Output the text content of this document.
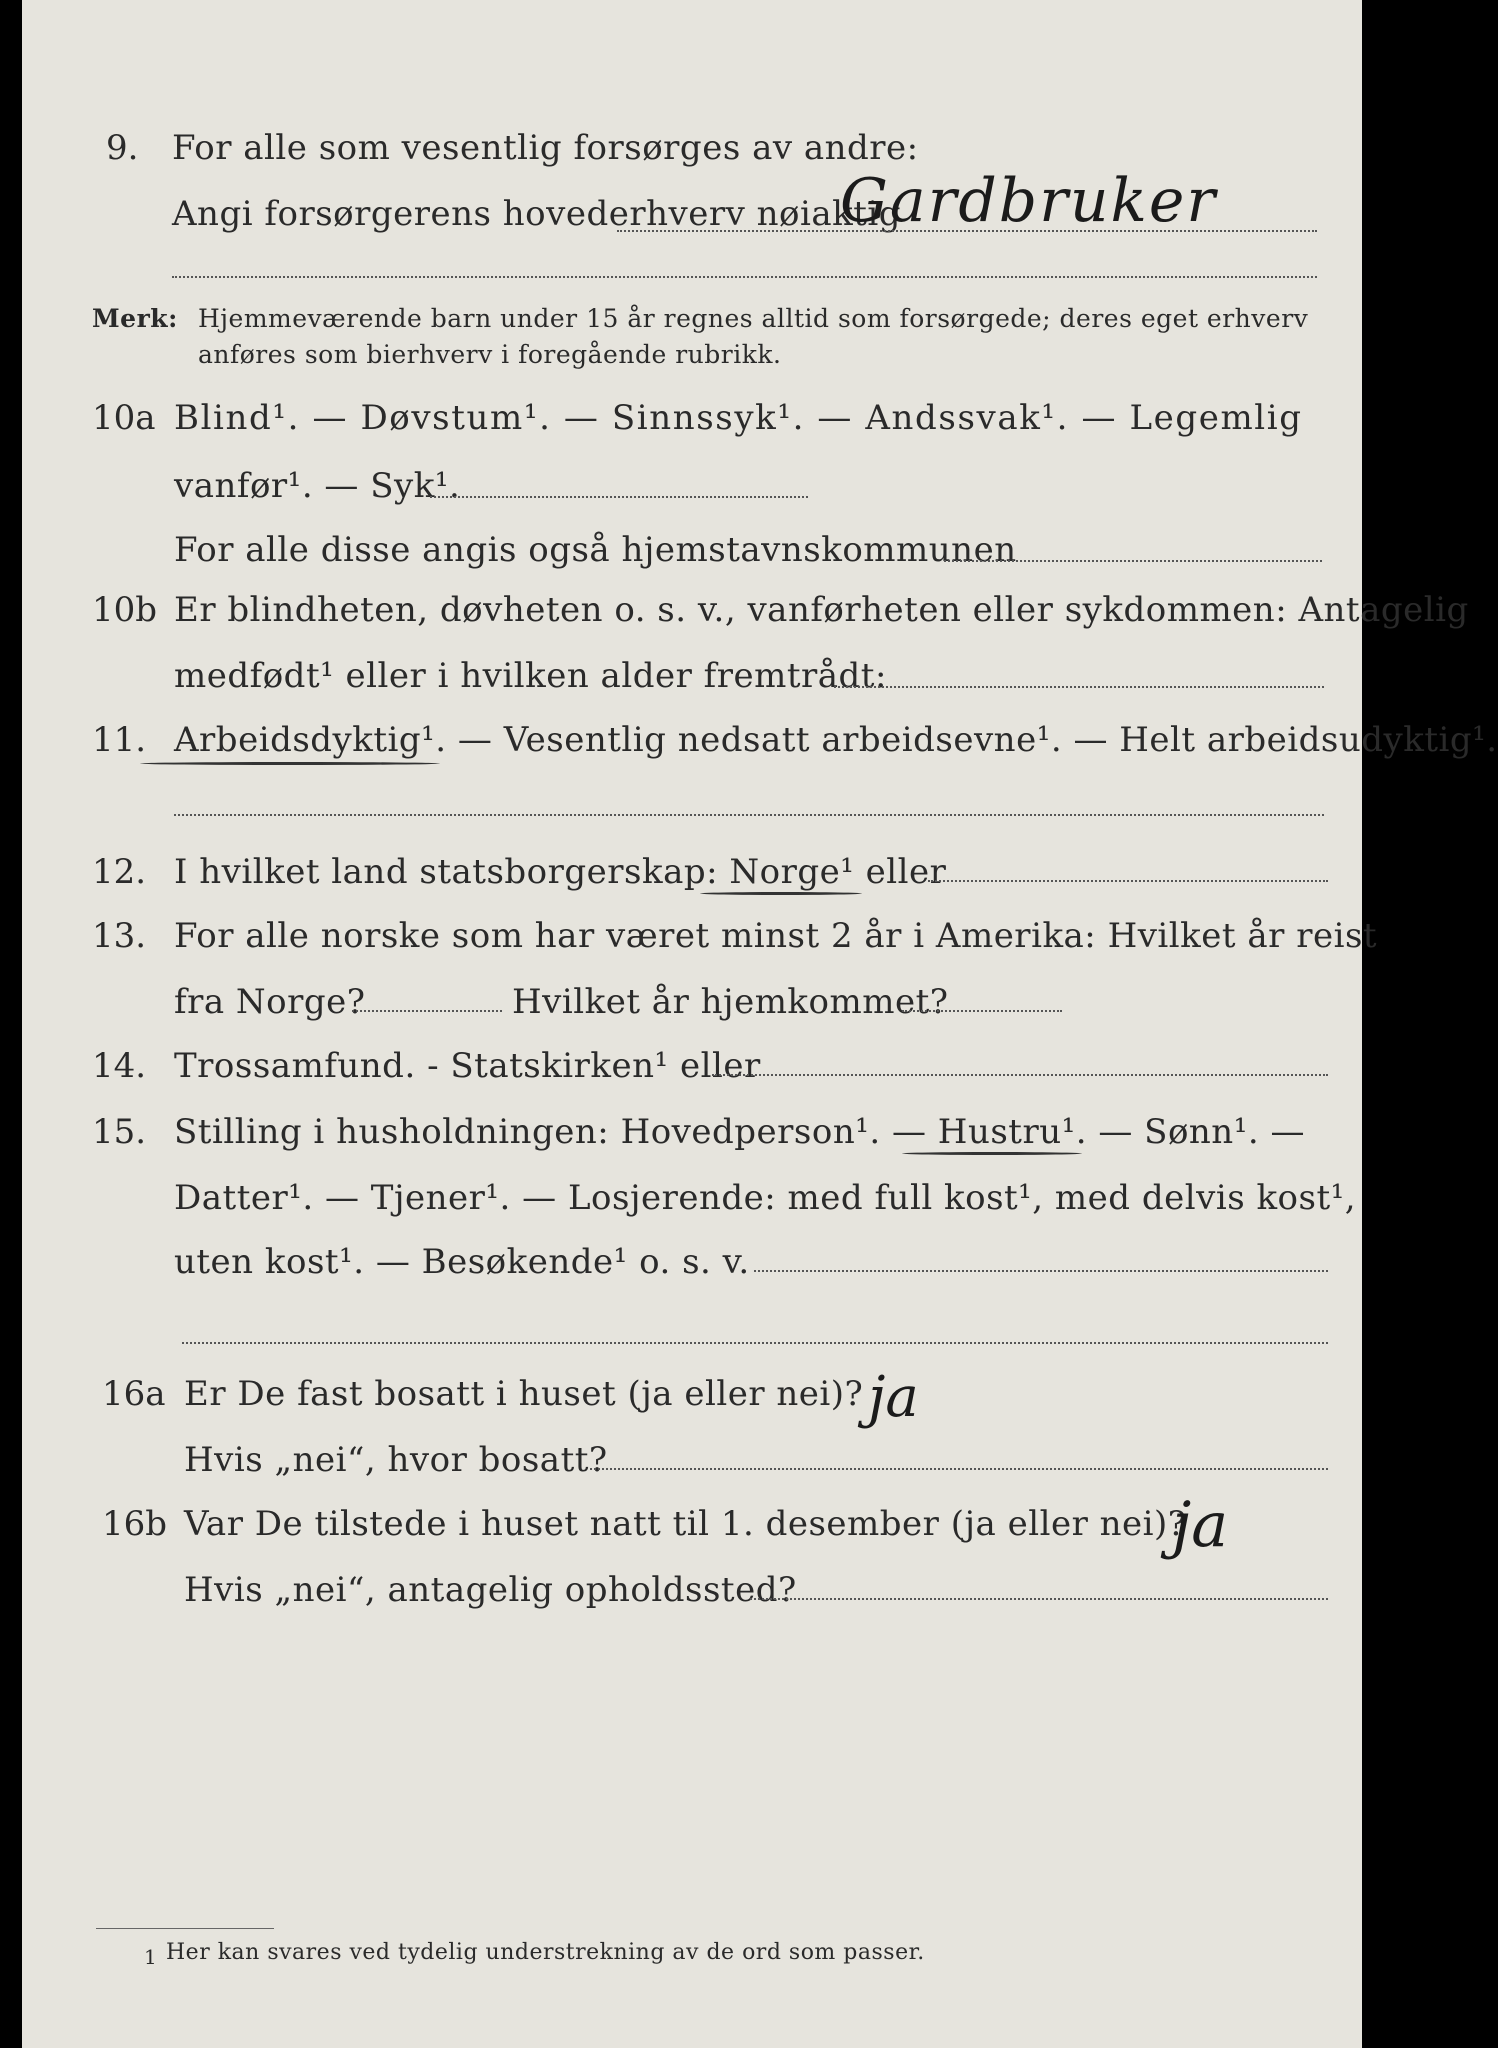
9. For alle som vesentlig forsørges av andre:
Angi forsørgerens hovederhverv nøiaktig
Gardbruker
Merk: Hjemmeværende barn under 15 år regnes alltid som forsørgede; deres eget erhverv
anføres som bierhverv i foregående rubrikk.
10a Blind¹. — Døvstum¹. — Sinnssyk¹. — Andssvak¹. — Legemlig
vanfør¹. — Syk¹.
For alle disse angis også hjemstavnskommunen
10b Er blindheten, døvheten o. s. v., vanførheten eller sykdommen: Antagelig
medfødt¹ eller i hvilken alder fremtrådt:
11. Arbeidsdyktig¹. — Vesentlig nedsatt arbeidsevne¹. — Helt arbeidsudyktig¹.
12. I hvilket land statsborgerskap: Norge¹ eller
13. For alle norske som har været minst 2 år i Amerika: Hvilket år reist
fra Norge?	Hvilket år hjemkommet?
14. Trossamfund. - Statskirken¹ eller
15. Stilling i husholdningen: Hovedperson¹. — Hustru¹. — Sønn¹. —
Datter¹. — Tjener¹. — Losjerende: med full kost¹, med delvis kost¹,
uten kost¹. — Besøkende¹ o. s. v.
16a Er De fast bosatt i huset (ja eller nei)? ja
Hvis „nei“, hvor bosatt?
16b Var De tilstede i huset natt til 1. desember (ja eller nei)?
ja
Hvis „nei“, antagelig opholdssted?
1 Her kan svares ved tydelig understrekning av de ord som passer.
